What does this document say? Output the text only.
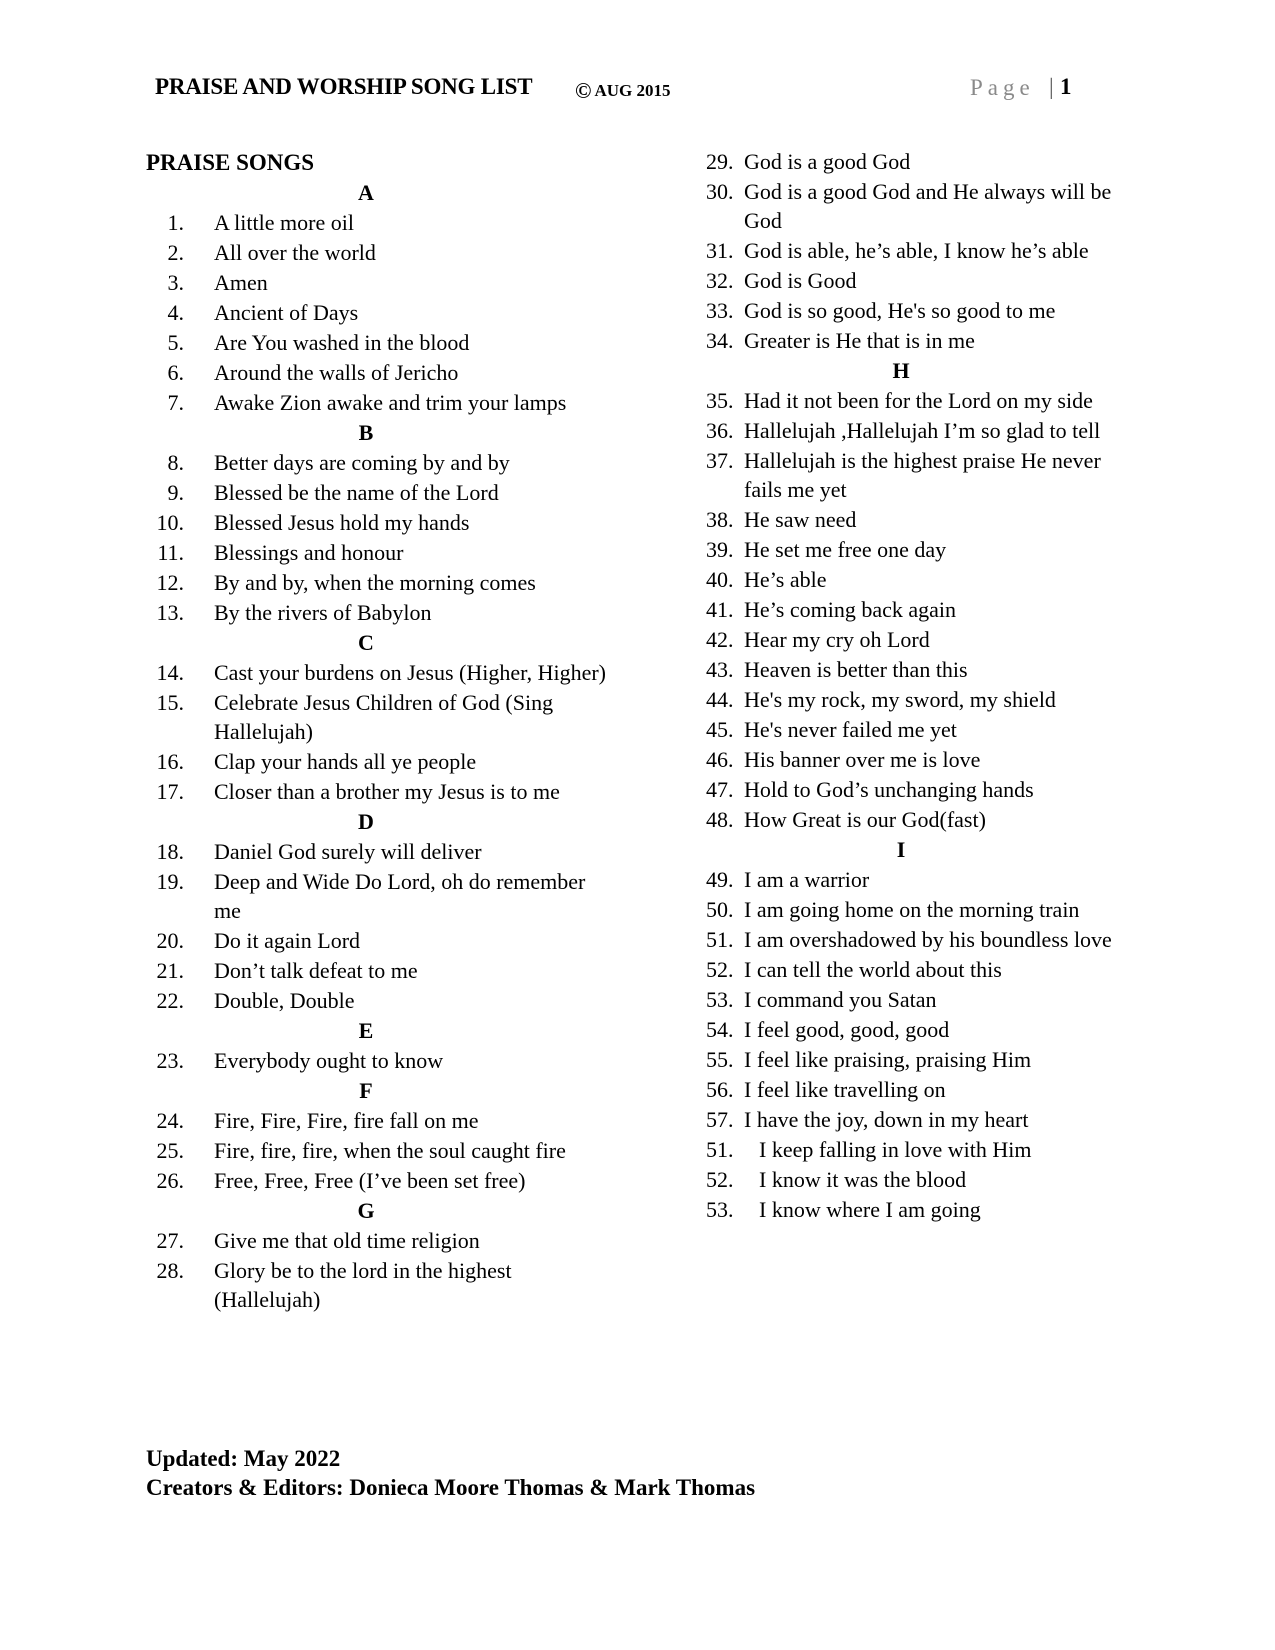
PRAISE AND WORSHIP SONG LIST © AUG 2015	Page | 1
PRAISE SONGS
A
1.	A little more oil
2.	All over the world
3.	Amen
4.	Ancient of Days
5.	Are You washed in the blood
6.	Around the walls of Jericho
7.	Awake Zion awake and trim your lamps
B
8.	Better days are coming by and by
9.	Blessed be the name of the Lord
10.	Blessed Jesus hold my hands
11.	Blessings and honour
12.	By and by, when the morning comes
13.	By the rivers of Babylon
C
14.	Cast your burdens on Jesus (Higher, Higher)
15.	Celebrate Jesus Children of God (Sing Hallelujah)
16.	Clap your hands all ye people
17.	Closer than a brother my Jesus is to me
D
18.	Daniel God surely will deliver
19.	Deep and Wide Do Lord, oh do remember me
20.	Do it again Lord
21.	Don’t talk defeat to me
22.	Double, Double
E
23.	Everybody ought to know
F
24.	Fire, Fire, Fire, fire fall on me
25.	Fire, fire, fire, when the soul caught fire
26.	Free, Free, Free (I’ve been set free)
G
27.	Give me that old time religion
28.	Glory be to the lord in the highest (Hallelujah)
29. God is a good God
30. God is a good God and He always will be God
31. God is able, he’s able, I know he’s able
32. God is Good
33. God is so good, He's so good to me
34. Greater is He that is in me
H
35. Had it not been for the Lord on my side
36. Hallelujah ,Hallelujah I’m so glad to tell
37. Hallelujah is the highest praise He never fails me yet
38. He saw need
39. He set me free one day
40. He’s able
41. He’s coming back again
42. Hear my cry oh Lord
43. Heaven is better than this
44. He's my rock, my sword, my shield
45. He's never failed me yet
46. His banner over me is love
47. Hold to God’s unchanging hands
48. How Great is our God(fast)
I
49. I am a warrior
50. I am going home on the morning train
51. I am overshadowed by his boundless love
52. I can tell the world about this
53. I command you Satan
54. I feel good, good, good
55. I feel like praising, praising Him
56. I feel like travelling on
57. I have the joy, down in my heart
51.	I keep falling in love with Him
52.	I know it was the blood
53.	I know where I am going
Updated: May 2022
Creators & Editors: Donieca Moore Thomas & Mark Thomas
